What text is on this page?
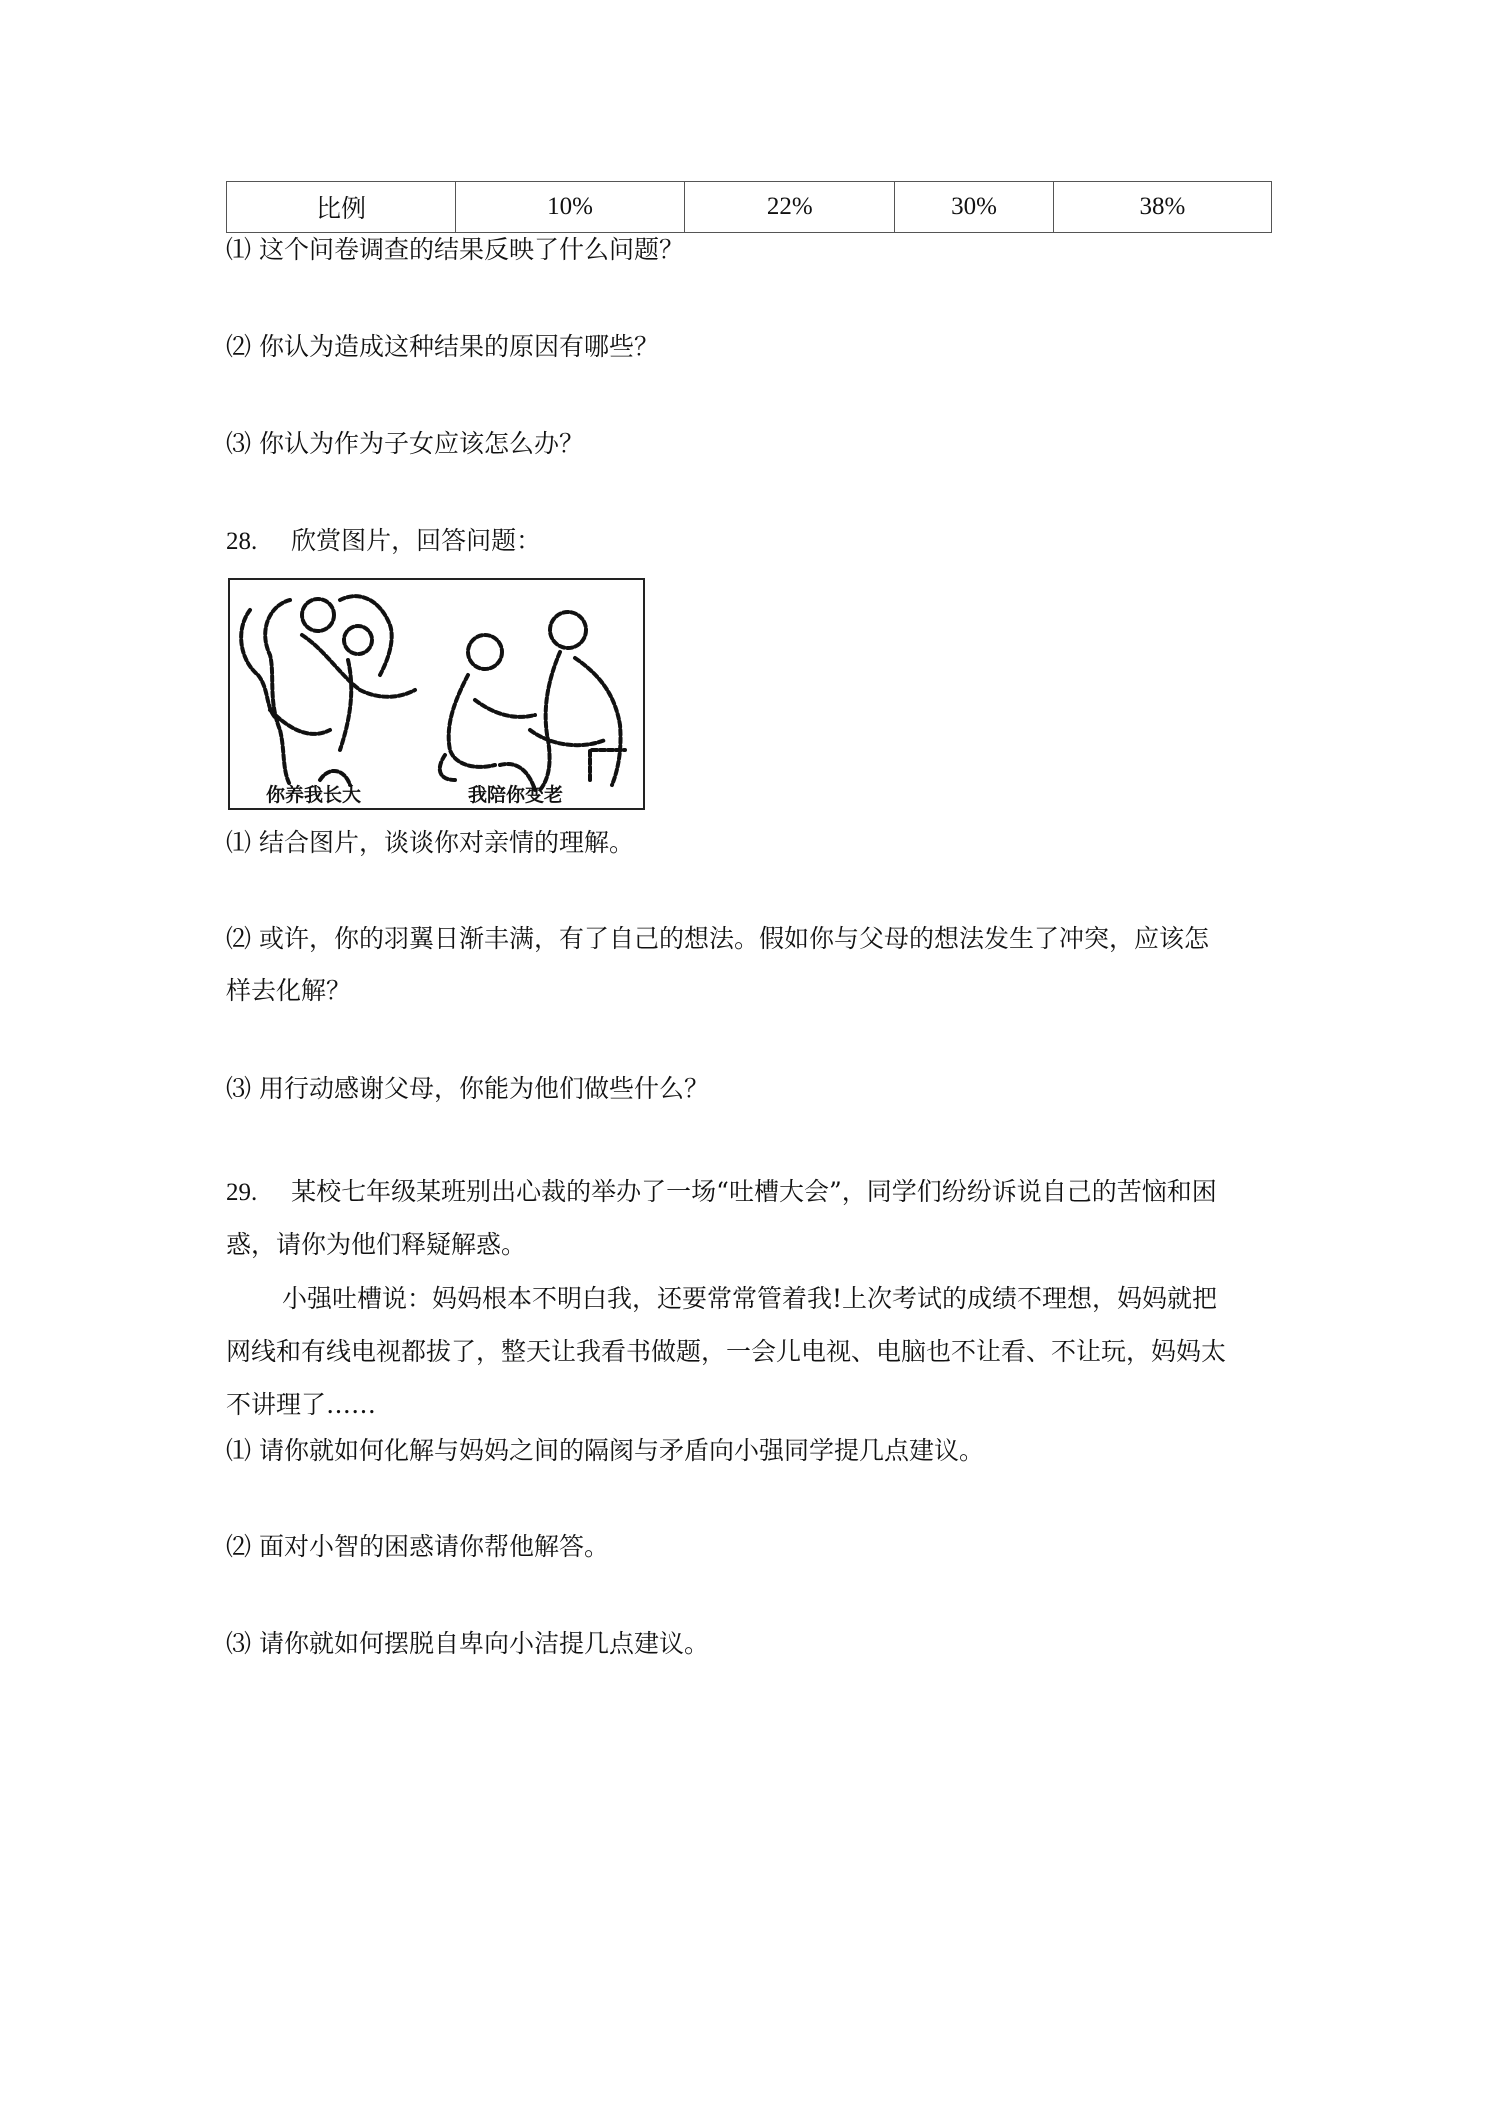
比例	10%	22%	30%	38%
⑴ 这个问卷调查的结果反映了什么问题？
⑵ 你认为造成这种结果的原因有哪些？
⑶ 你认为作为子女应该怎么办？
28. 欣赏图片，回答问题：
你养我长大	我陪你变老
⑴ 结合图片，谈谈你对亲情的理解。
⑵ 或许，你的羽翼日渐丰满，有了自己的想法。假如你与父母的想法发生了冲突，应该怎
样去化解？
⑶ 用行动感谢父母，你能为他们做些什么？
29. 某校七年级某班别出心裁的举办了一场“吐槽大会”，同学们纷纷诉说自己的苦恼和困
惑，请你为他们释疑解惑。
小强吐槽说：妈妈根本不明白我，还要常常管着我!上次考试的成绩不理想，妈妈就把
网线和有线电视都拔了，整天让我看书做题，一会儿电视、电脑也不让看、不让玩，妈妈太
不讲理了……
⑴ 请你就如何化解与妈妈之间的隔阂与矛盾向小强同学提几点建议。
⑵ 面对小智的困惑请你帮他解答。
⑶ 请你就如何摆脱自卑向小洁提几点建议。
